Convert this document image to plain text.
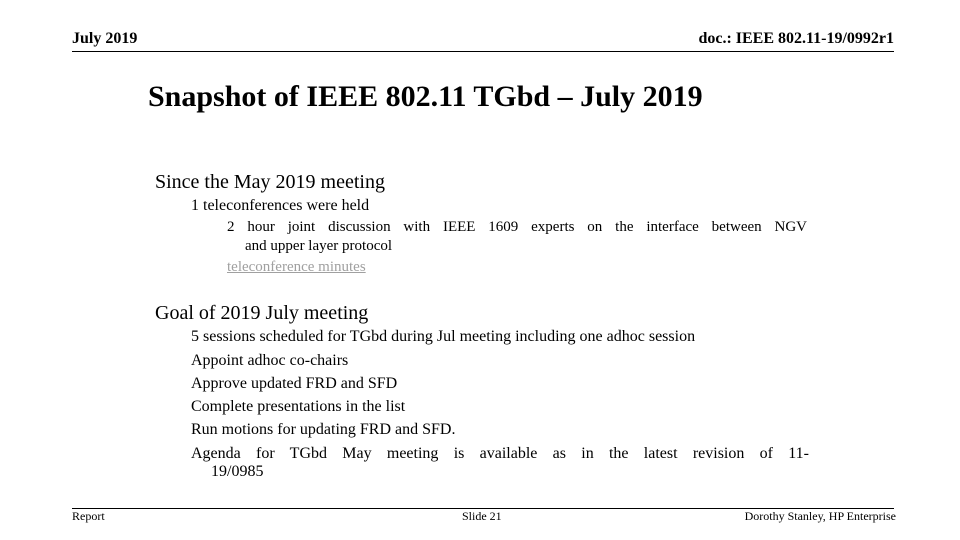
July 2019	doc.: IEEE 802.11-19/0992r1
Snapshot of IEEE 802.11 TGbd – July 2019
Since the May 2019 meeting
1 teleconferences were held
2 hour joint discussion with IEEE 1609 experts on the interface between NGV
and upper layer protocol
teleconference minutes
Goal of 2019 July meeting
5 sessions scheduled for TGbd during Jul meeting including one adhoc session
Appoint adhoc co-chairs
Approve updated FRD and SFD
Complete presentations in the list
Run motions for updating FRD and SFD.
Agenda for TGbd May meeting is available as in the latest revision of 11-
19/0985
Report	Slide 21	Dorothy Stanley, HP Enterprise
